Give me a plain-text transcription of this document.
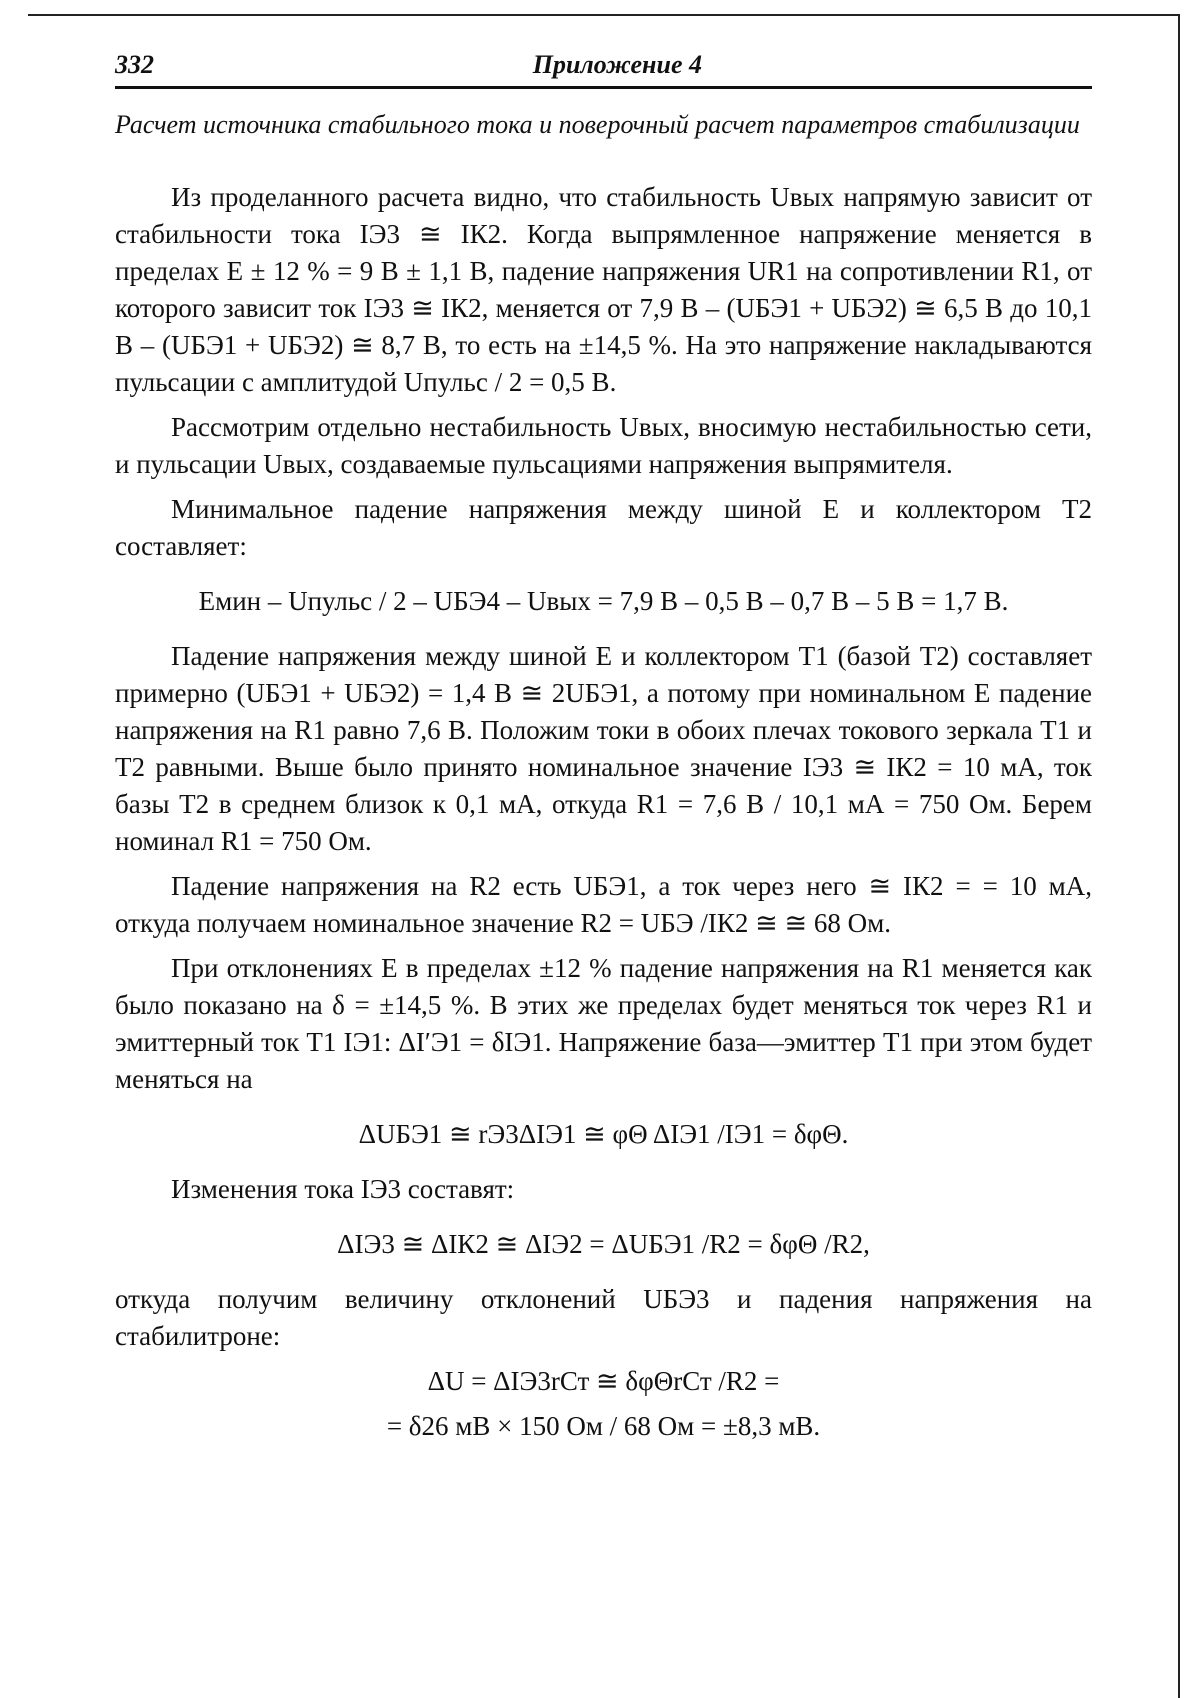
332	Приложение 4
Расчет источника стабильного тока и поверочный расчет параметров стабилизации

Из проделанного расчета видно, что стабильность Uвых напрямую зависит от стабильности тока IЭ3 ≅ IК2. Когда выпрямленное напряжение меняется в пределах E ± 12 % = 9 В ± 1,1 В, падение напряжения UR1 на сопротивлении R1, от которого зависит ток IЭ3 ≅ IК2, меняется от 7,9 В – (UБЭ1 + UБЭ2) ≅ 6,5 В до 10,1 В – (UБЭ1 + UБЭ2) ≅ 8,7 В, то есть на ±14,5 %. На это напряжение накладываются пульсации с амплитудой Uпульс / 2 = 0,5 В.

Рассмотрим отдельно нестабильность Uвых, вносимую нестабильностью сети, и пульсации Uвых, создаваемые пульсациями напряжения выпрямителя.

Минимальное падение напряжения между шиной E и коллектором T2 составляет:

Eмин – Uпульс / 2 – UБЭ4 – Uвых = 7,9 В – 0,5 В – 0,7 В – 5 В = 1,7 В.

Падение напряжения между шиной E и коллектором T1 (базой T2) составляет примерно (UБЭ1 + UБЭ2) = 1,4 В ≅ 2UБЭ1, а потому при номинальном E падение напряжения на R1 равно 7,6 В. Положим токи в обоих плечах токового зеркала T1 и T2 равными. Выше было принято номинальное значение IЭ3 ≅ IК2 = 10 мА, ток базы T2 в среднем близок к 0,1 мА, откуда R1 = 7,6 В / 10,1 мА = 750 Ом. Берем номинал R1 = 750 Ом.

Падение напряжения на R2 есть UБЭ1, а ток через него ≅ IК2 = = 10 мА, откуда получаем номинальное значение R2 = UБЭ /IК2 ≅ ≅ 68 Ом.

При отклонениях E в пределах ±12 % падение напряжения на R1 меняется как было показано на δ = ±14,5 %. В этих же пределах будет меняться ток через R1 и эмиттерный ток T1 IЭ1: ΔI′Э1 = δIЭ1. Напряжение база—эмиттер T1 при этом будет меняться на

ΔUБЭ1 ≅ rЭ3ΔIЭ1 ≅ φΘ ΔIЭ1 /IЭ1 = δφΘ.

Изменения тока IЭ3 составят:

ΔIЭ3 ≅ ΔIК2 ≅ ΔIЭ2 = ΔUБЭ1 /R2 = δφΘ /R2,

откуда получим величину отклонений UБЭ3 и падения напряжения на стабилитроне:

ΔU = ΔIЭ3rСт ≅ δφΘrСт /R2 =
= δ26 мВ × 150 Ом / 68 Ом = ±8,3 мВ.
